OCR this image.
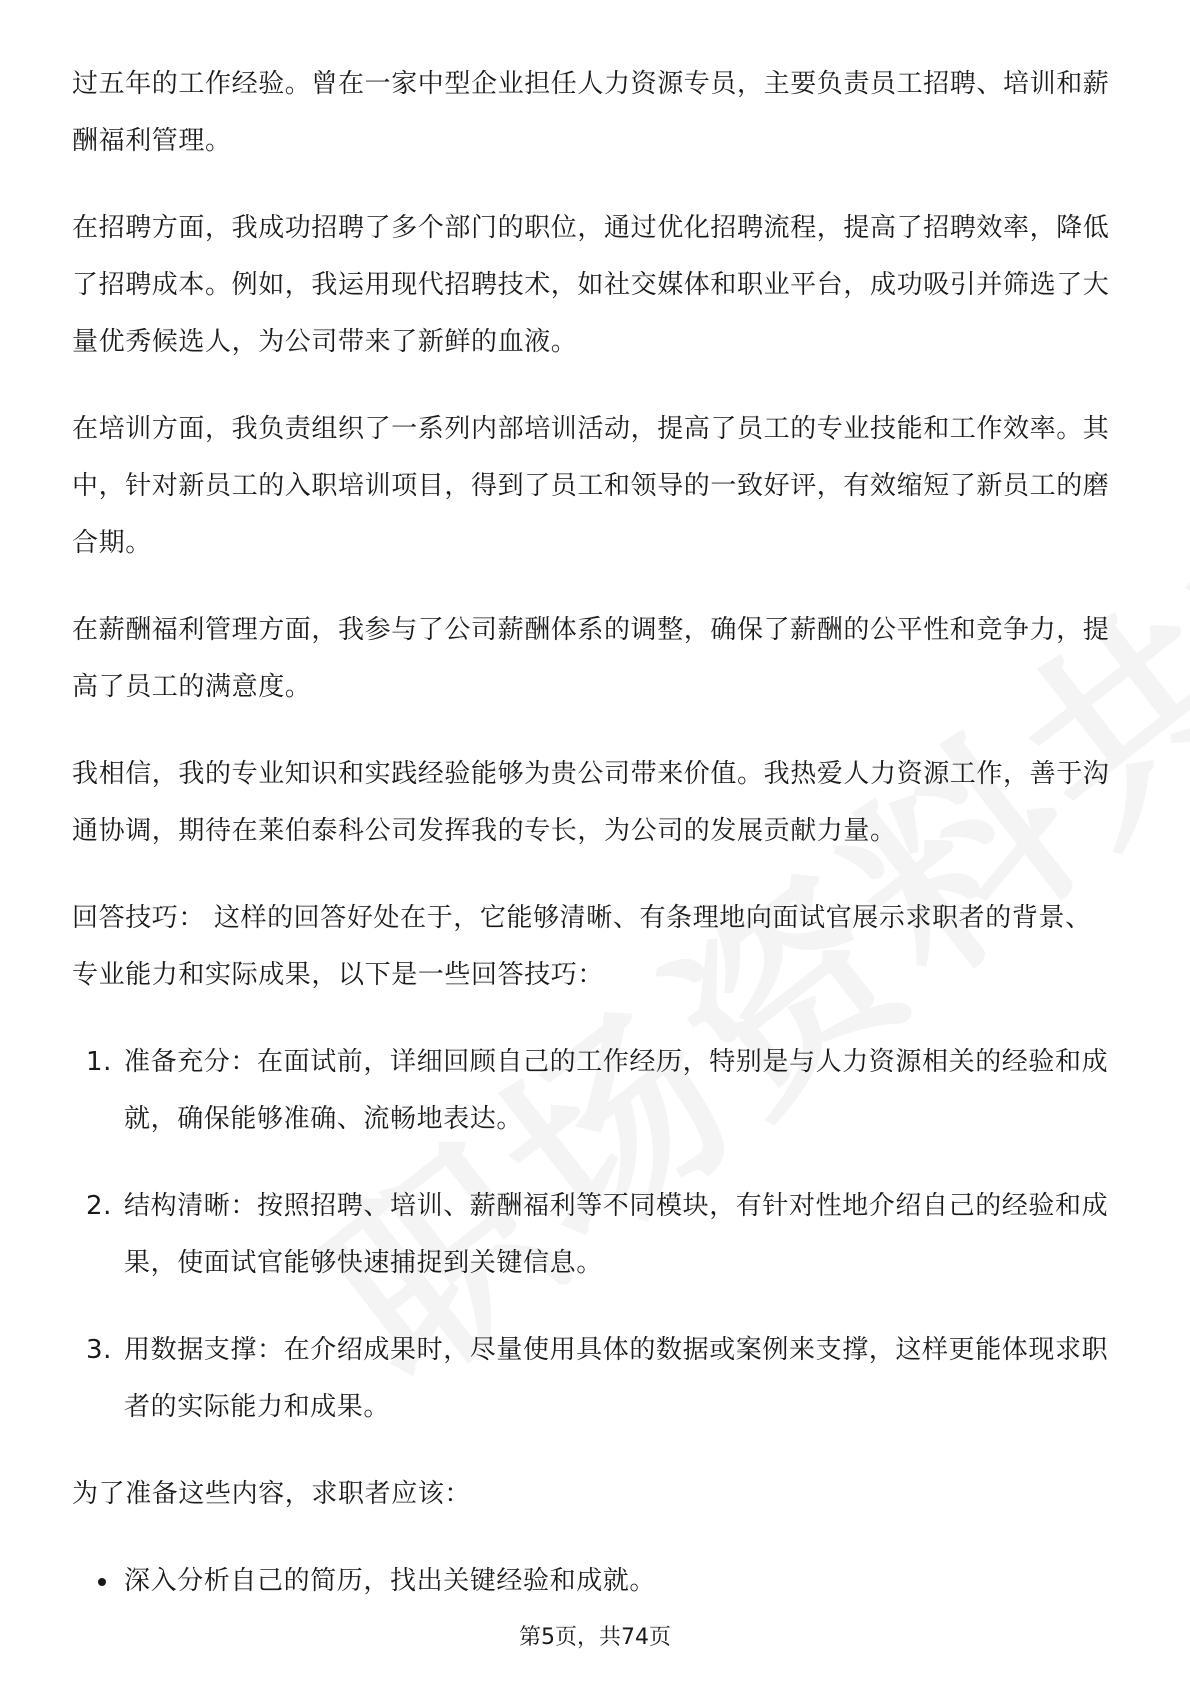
过五年的工作经验。曾在一家中型企业担任人力资源专员，主要负责员工招聘、培训和薪酬福利管理。

在招聘方面，我成功招聘了多个部门的职位，通过优化招聘流程，提高了招聘效率，降低了招聘成本。例如，我运用现代招聘技术，如社交媒体和职业平台，成功吸引并筛选了大量优秀候选人，为公司带来了新鲜的血液。

在培训方面，我负责组织了一系列内部培训活动，提高了员工的专业技能和工作效率。其中，针对新员工的入职培训项目，得到了员工和领导的一致好评，有效缩短了新员工的磨合期。

在薪酬福利管理方面，我参与了公司薪酬体系的调整，确保了薪酬的公平性和竞争力，提高了员工的满意度。

我相信，我的专业知识和实践经验能够为贵公司带来价值。我热爱人力资源工作，善于沟通协调，期待在莱伯泰科公司发挥我的专长，为公司的发展贡献力量。

回答技巧： 这样的回答好处在于，它能够清晰、有条理地向面试官展示求职者的背景、专业能力和实际成果，以下是一些回答技巧：

1. 准备充分：在面试前，详细回顾自己的工作经历，特别是与人力资源相关的经验和成就，确保能够准确、流畅地表达。
2. 结构清晰：按照招聘、培训、薪酬福利等不同模块，有针对性地介绍自己的经验和成果，使面试官能够快速捕捉到关键信息。
3. 用数据支撑：在介绍成果时，尽量使用具体的数据或案例来支撑，这样更能体现求职者的实际能力和成果。

为了准备这些内容，求职者应该：

深入分析自己的简历，找出关键经验和成就。
第5页，共74页
